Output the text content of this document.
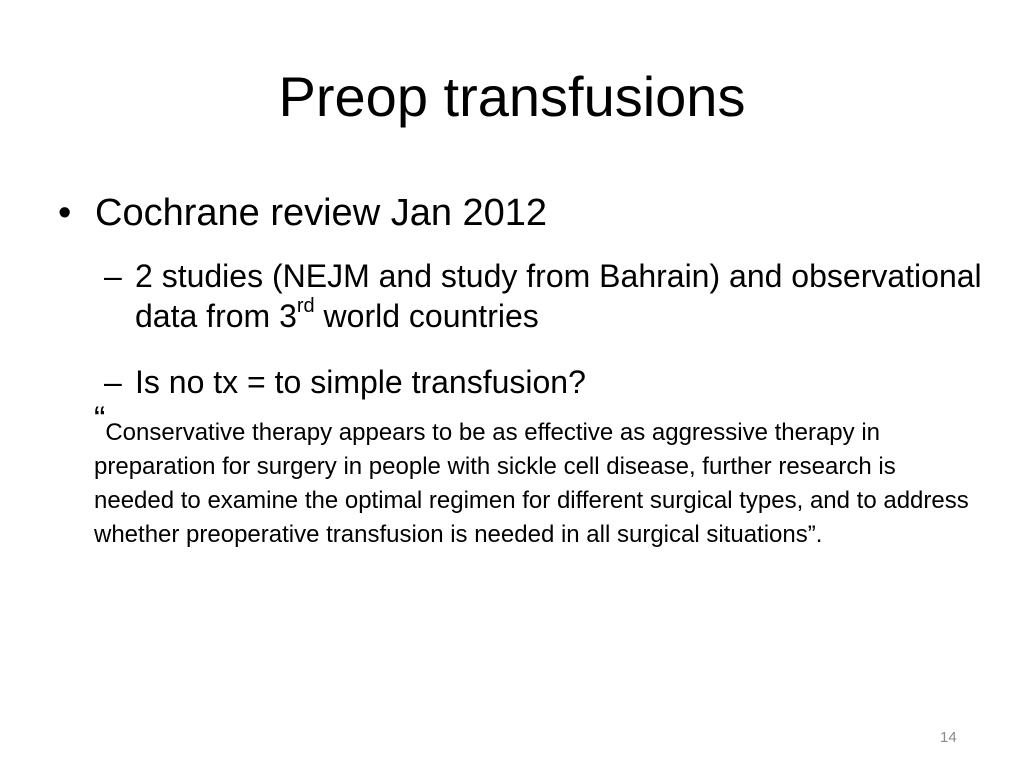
Preop transfusions
• Cochrane review Jan 2012
– 2 studies (NEJM and study from Bahrain) and observational data from 3rd world countries
– Is no tx = to simple transfusion?
“Conservative therapy appears to be as effective as aggressive therapy in preparation for surgery in people with sickle cell disease, further research is needed to examine the optimal regimen for different surgical types, and to address whether preoperative transfusion is needed in all surgical situations”.
14
